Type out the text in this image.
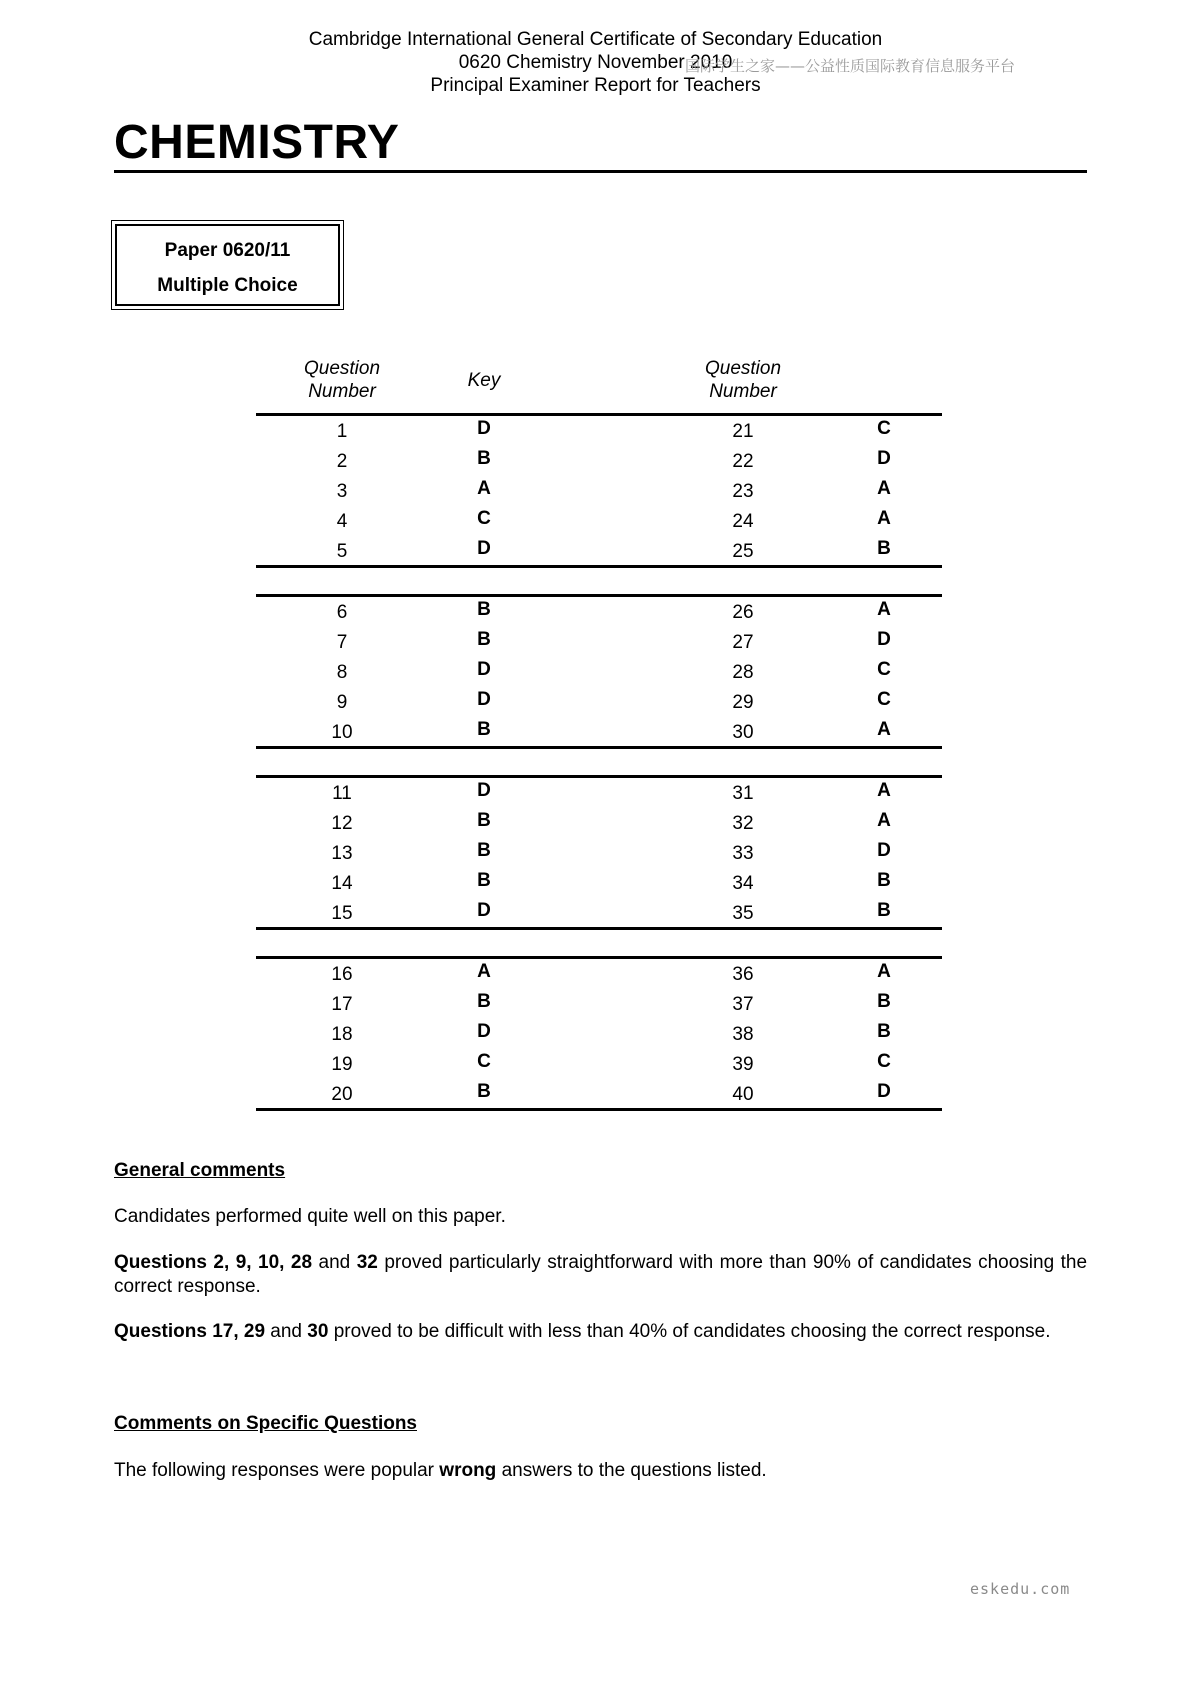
Cambridge International General Certificate of Secondary Education
0620 Chemistry November 2010
Principal Examiner Report for Teachers
国际学生之家——公益性质国际教育信息服务平台
CHEMISTRY
Paper 0620/11
Multiple Choice
Question
Number
Key
Question
Number
1	D	21	C
2	B	22	D
3	A	23	A
4	C	24	A
5	D	25	B
6	B	26	A
7	B	27	D
8	D	28	C
9	D	29	C
10	B	30	A
11	D	31	A
12	B	32	A
13	B	33	D
14	B	34	B
15	D	35	B
16	A	36	A
17	B	37	B
18	D	38	B
19	C	39	C
20	B	40	D
General comments
Candidates performed quite well on this paper.
Questions 2, 9, 10, 28 and 32 proved particularly straightforward with more than 90% of candidates choosing the correct response.
Questions 17, 29 and 30 proved to be difficult with less than 40% of candidates choosing the correct response.
Comments on Specific Questions
The following responses were popular wrong answers to the questions listed.
eskedu.com
